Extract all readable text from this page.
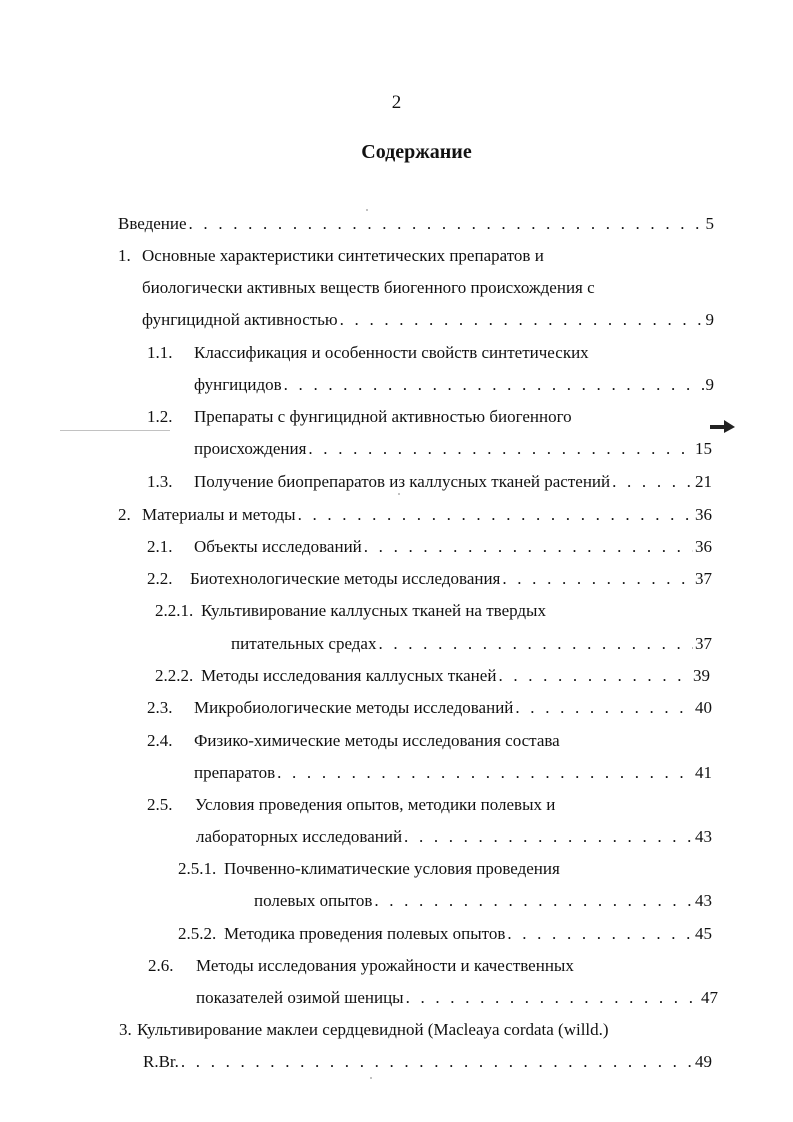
2
Содержание
Введение . . .	5
1. Основные характеристики синтетических препаратов и
биологически активных веществ биогенного происхождения с
фунгицидной активностью . . .	9
1.1.	Классификация и особенности свойств синтетических
фунгицидов . . .	9
1.2.	Препараты с фунгицидной активностью биогенного
происхождения . . .	15
1.3.	Получение биопрепаратов из каллусных тканей растений . . .	21
2. Материалы и методы . . .	36
2.1.	Объекты исследований . . .	36
2.2.	Биотехнологические методы исследования . . .	37
2.2.1. Культивирование каллусных тканей на твердых
питательных средах . . .	37
2.2.2. Методы исследования каллусных тканей . . .	39
2.3.	Микробиологические методы исследований . . .	40
2.4.	Физико-химические методы исследования состава
препаратов . . .	41
2.5.	Условия проведения опытов, методики полевых и
лабораторных исследований . . .	43
2.5.1. Почвенно-климатические условия проведения
полевых опытов . . .	43
2.5.2. Методика проведения полевых опытов . . .	45
2.6.	Методы исследования урожайности и качественных
показателей озимой шеницы . . .	47
3. Культивирование маклеи сердцевидной (Macleaya cordata (willd.)
R.Br. . . .	49
